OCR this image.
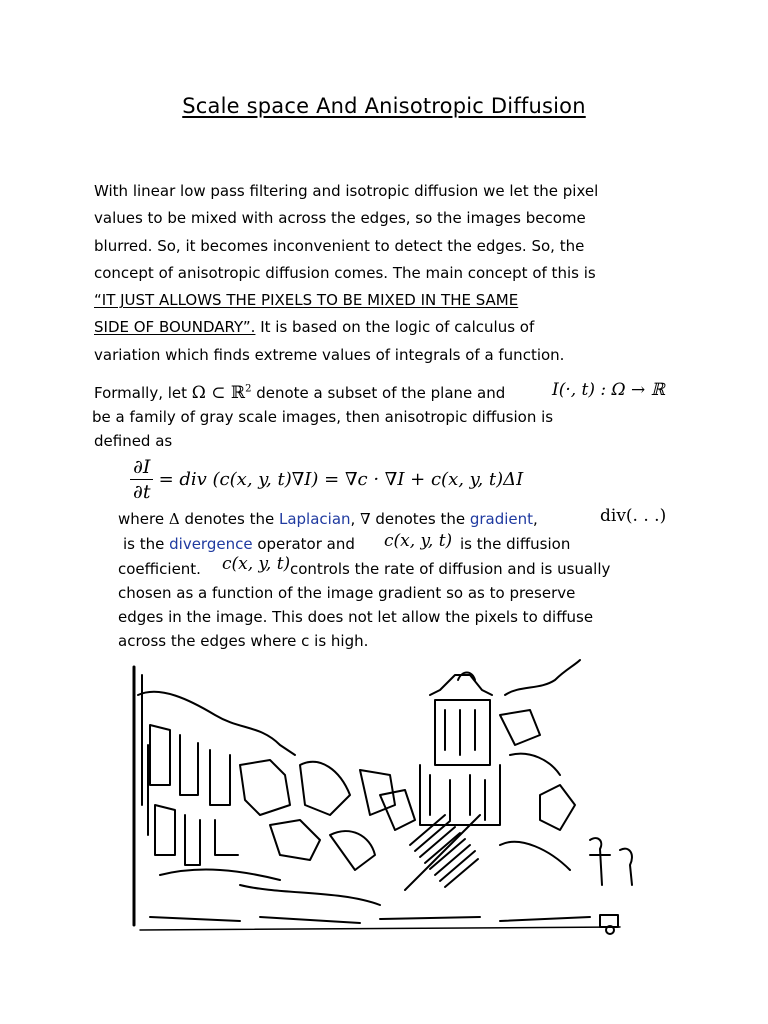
Scale space And Anisotropic Diffusion
With linear low pass filtering and isotropic diffusion we let the pixel
values to be mixed with across the edges, so the images become
blurred. So, it becomes inconvenient to detect the edges. So, the
concept of anisotropic diffusion comes. The main concept of this is
“IT JUST ALLOWS THE PIXELS TO BE MIXED IN THE SAME
SIDE OF BOUNDARY”. It is based on the logic of calculus of
variation which finds extreme values of integrals of a function.
Formally, let Ω ⊂ ℝ$^2$ denote a subset of the plane and	I(·, t) : Ω → ℝ
be a family of gray scale images, then anisotropic diffusion is
defined as
$\frac{\partial I}{\partial t}$ = div (c(x, y, t)∇I) = ∇c · ∇I + c(x, y, t)ΔI
where Δ denotes the Laplacian, ∇ denotes the gradient,	div(. . .)
is the divergence operator and c(x, y, t) is the diffusion
coefficient. c(x, y, t) controls the rate of diffusion and is usually
chosen as a function of the image gradient so as to preserve
edges in the image. This does not let allow the pixels to diffuse
across the edges where c is high.
